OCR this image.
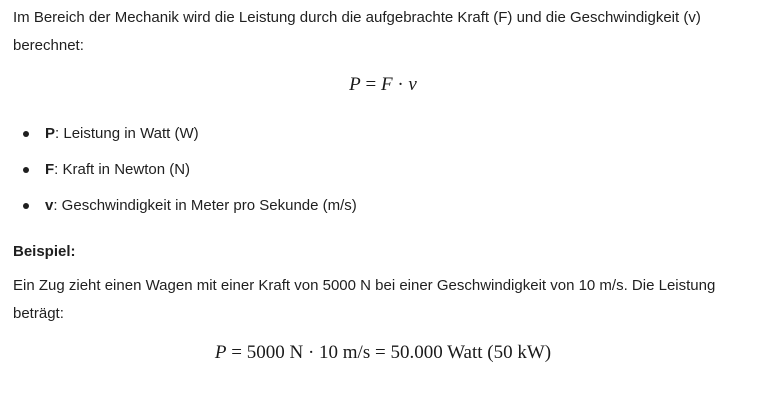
Im Bereich der Mechanik wird die Leistung durch die aufgebrachte Kraft (F) und die Geschwindigkeit (v) berechnet:

P = F · v
P: Leistung in Watt (W)
F: Kraft in Newton (N)
v: Geschwindigkeit in Meter pro Sekunde (m/s)
Beispiel:

Ein Zug zieht einen Wagen mit einer Kraft von 5000 N bei einer Geschwindigkeit von 10 m/s. Die Leistung beträgt:

P = 5000 N · 10 m/s = 50.000 Watt (50 kW)
